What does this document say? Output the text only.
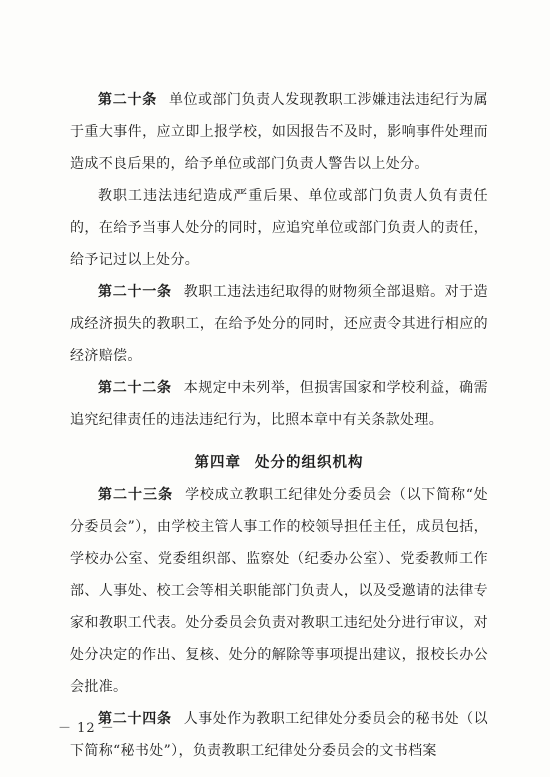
第二十条 单位或部门负责人发现教职工涉嫌违法违纪行为属于重大事件，应立即上报学校，如因报告不及时，影响事件处理而造成不良后果的，给予单位或部门负责人警告以上处分。

教职工违法违纪造成严重后果、单位或部门负责人负有责任的，在给予当事人处分的同时，应追究单位或部门负责人的责任，给予记过以上处分。

第二十一条 教职工违法违纪取得的财物须全部退赔。对于造成经济损失的教职工，在给予处分的同时，还应责令其进行相应的经济赔偿。

第二十二条 本规定中未列举，但损害国家和学校利益，确需追究纪律责任的违法违纪行为，比照本章中有关条款处理。

第四章 处分的组织机构

第二十三条 学校成立教职工纪律处分委员会（以下简称“处分委员会”），由学校主管人事工作的校领导担任主任，成员包括，学校办公室、党委组织部、监察处（纪委办公室）、党委教师工作部、人事处、校工会等相关职能部门负责人，以及受邀请的法律专家和教职工代表。处分委员会负责对教职工违纪处分进行审议，对处分决定的作出、复核、处分的解除等事项提出建议，报校长办公会批准。

第二十四条 人事处作为教职工纪律处分委员会的秘书处（以下简称“秘书处”），负责教职工纪律处分委员会的文书档案

－ 12 －
